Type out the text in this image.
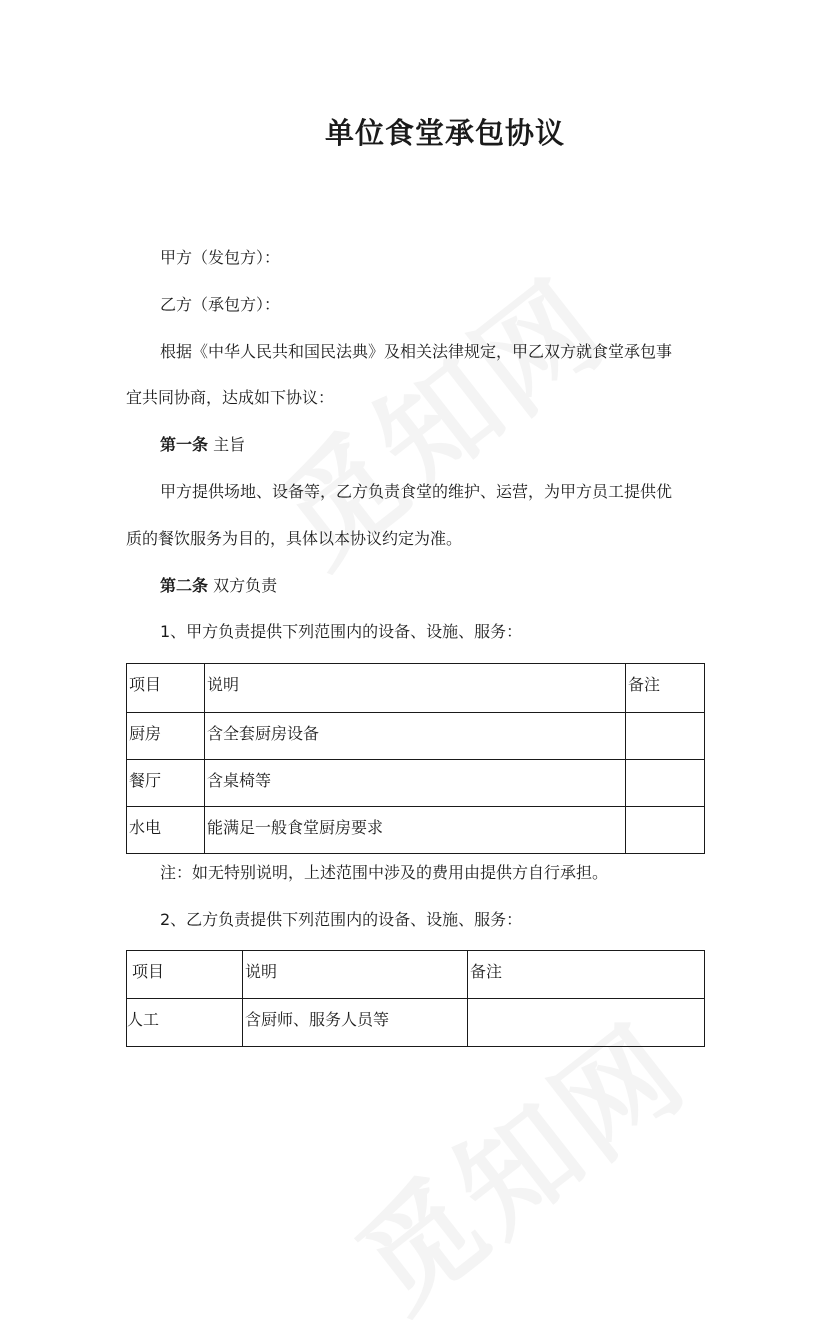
单位食堂承包协议

甲方（发包方）：

乙方（承包方）：

根据《中华人民共和国民法典》及相关法律规定，甲乙双方就食堂承包事

宜共同协商，达成如下协议：

第一条 主旨

甲方提供场地、设备等，乙方负责食堂的维护、运营，为甲方员工提供优

质的餐饮服务为目的，具体以本协议约定为准。

第二条 双方负责

1、甲方负责提供下列范围内的设备、设施、服务：

项目	说明	备注
厨房	含全套厨房设备	
餐厅	含桌椅等	
水电	能满足一般食堂厨房要求	

注：如无特别说明，上述范围中涉及的费用由提供方自行承担。

2、乙方负责提供下列范围内的设备、设施、服务：

项目	说明	备注
人工	含厨师、服务人员等	
